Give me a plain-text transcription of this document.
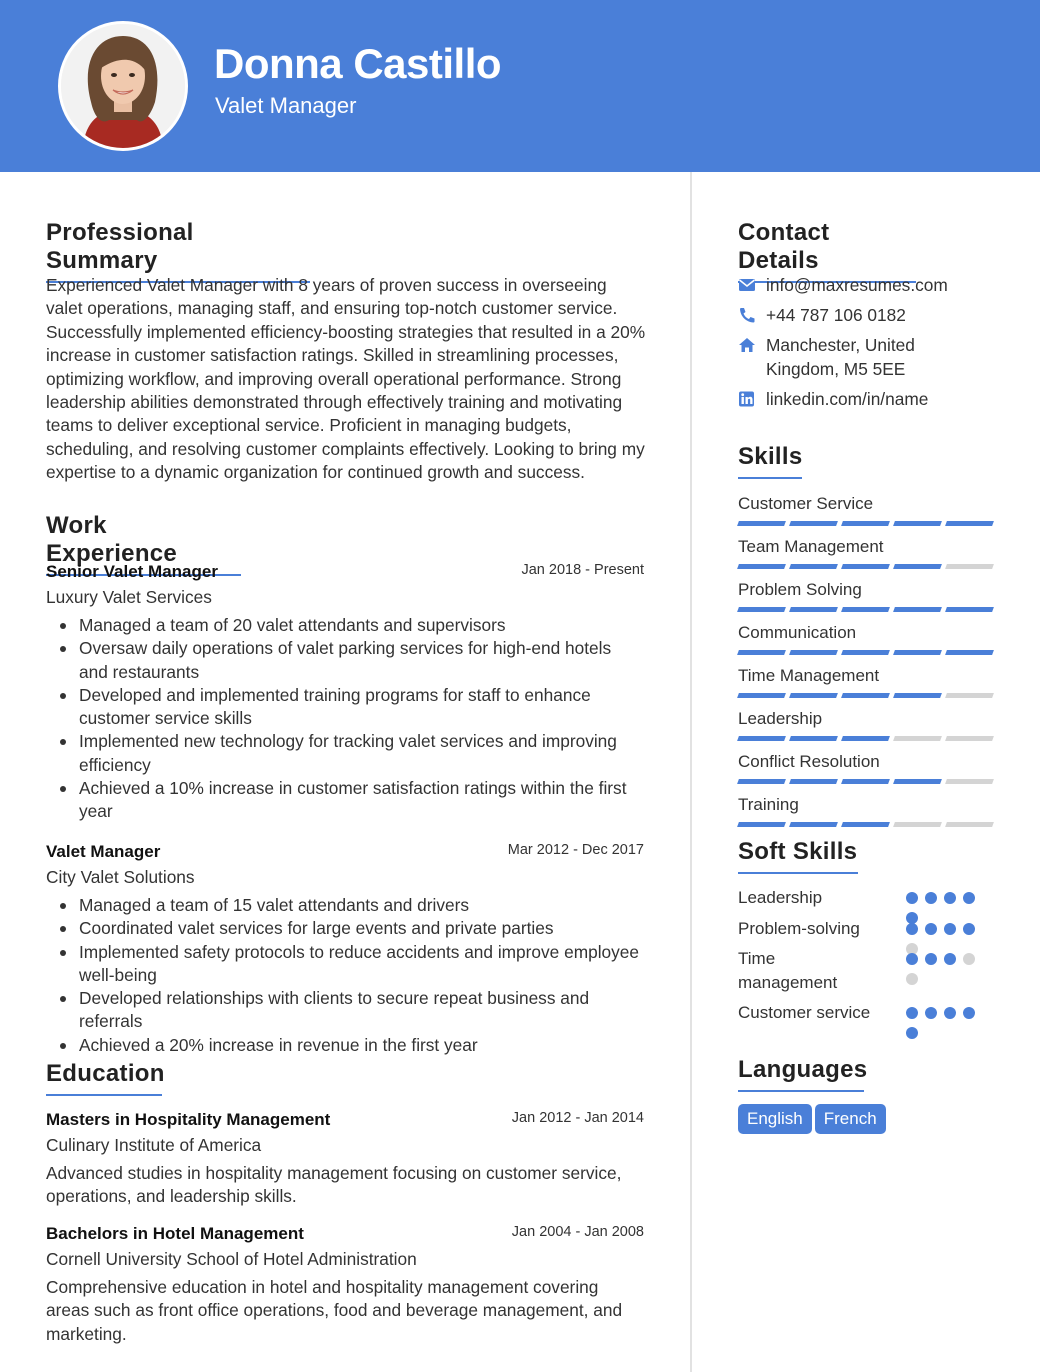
Donna Castillo
Valet Manager
Professional Summary
Experienced Valet Manager with 8 years of proven success in overseeing valet operations, managing staff, and ensuring top-notch customer service. Successfully implemented efficiency-boosting strategies that resulted in a 20% increase in customer satisfaction ratings. Skilled in streamlining processes, optimizing workflow, and improving overall operational performance. Strong leadership abilities demonstrated through effectively training and motivating teams to deliver exceptional service. Proficient in managing budgets, scheduling, and resolving customer complaints effectively. Looking to bring my expertise to a dynamic organization for continued growth and success.
Work Experience
Senior Valet Manager	Jan 2018 - Present
Luxury Valet Services
Managed a team of 20 valet attendants and supervisors
Oversaw daily operations of valet parking services for high-end hotels and restaurants
Developed and implemented training programs for staff to enhance customer service skills
Implemented new technology for tracking valet services and improving efficiency
Achieved a 10% increase in customer satisfaction ratings within the first year
Valet Manager	Mar 2012 - Dec 2017
City Valet Solutions
Managed a team of 15 valet attendants and drivers
Coordinated valet services for large events and private parties
Implemented safety protocols to reduce accidents and improve employee well-being
Developed relationships with clients to secure repeat business and referrals
Achieved a 20% increase in revenue in the first year
Education
Masters in Hospitality Management	Jan 2012 - Jan 2014
Culinary Institute of America
Advanced studies in hospitality management focusing on customer service, operations, and leadership skills.
Bachelors in Hotel Management	Jan 2004 - Jan 2008
Cornell University School of Hotel Administration
Comprehensive education in hotel and hospitality management covering areas such as front office operations, food and beverage management, and marketing.
Contact Details
info@maxresumes.com
+44 787 106 0182
Manchester, United Kingdom, M5 5EE
linkedin.com/in/name
Skills
Customer Service
Team Management
Problem Solving
Communication
Time Management
Leadership
Conflict Resolution
Training
Soft Skills
Leadership
Problem-solving
Time management
Customer service
Languages
English French
